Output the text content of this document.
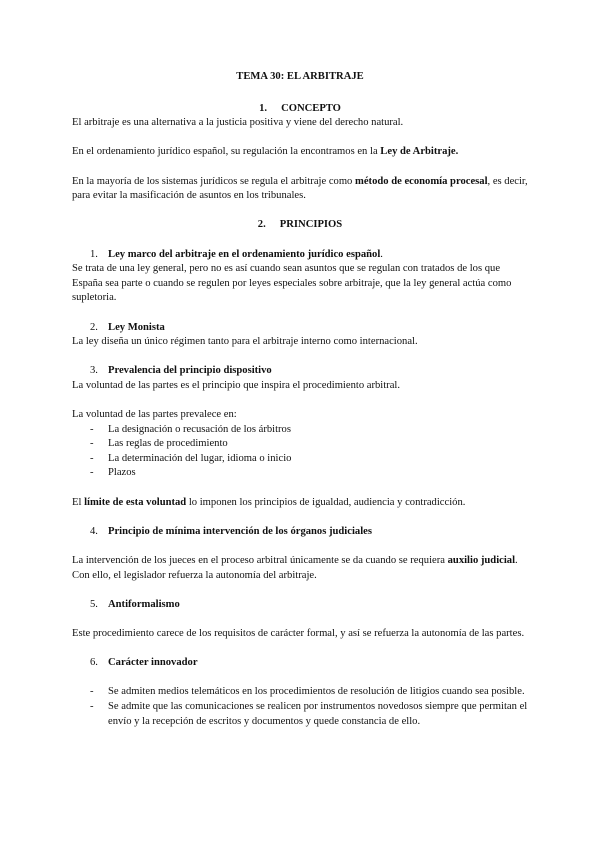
TEMA 30: EL ARBITRAJE
1. CONCEPTO

El arbitraje es una alternativa a la justicia positiva y viene del derecho natural.

En el ordenamiento jurídico español, su regulación la encontramos en la Ley de Arbitraje.

En la mayoría de los sistemas jurídicos se regula el arbitraje como método de economía procesal, es decir, para evitar la masificación de asuntos en los tribunales.

2. PRINCIPIOS
1. Ley marco del arbitraje en el ordenamiento jurídico español.

Se trata de una ley general, pero no es así cuando sean asuntos que se regulan con tratados de los que España sea parte o cuando se regulen por leyes especiales sobre arbitraje, que la ley general actúa como supletoria.

2. Ley Monista

La ley diseña un único régimen tanto para el arbitraje interno como internacional.

3. Prevalencia del principio dispositivo

La voluntad de las partes es el principio que inspira el procedimiento arbitral.

La voluntad de las partes prevalece en:

- La designación o recusación de los árbitros
- Las reglas de procedimiento
- La determinación del lugar, idioma o inicio
- Plazos

El límite de esta voluntad lo imponen los principios de igualdad, audiencia y contradicción.

4. Principio de mínima intervención de los órganos judiciales

La intervención de los jueces en el proceso arbitral únicamente se da cuando se requiera auxilio judicial. Con ello, el legislador refuerza la autonomía del arbitraje.

5. Antiformalismo

Este procedimiento carece de los requisitos de carácter formal, y así se refuerza la autonomía de las partes.

6. Carácter innovador
- Se admiten medios telemáticos en los procedimientos de resolución de litigios cuando sea posible.
- Se admite que las comunicaciones se realicen por instrumentos novedosos siempre que permitan el envío y la recepción de escritos y documentos y quede constancia de ello.
